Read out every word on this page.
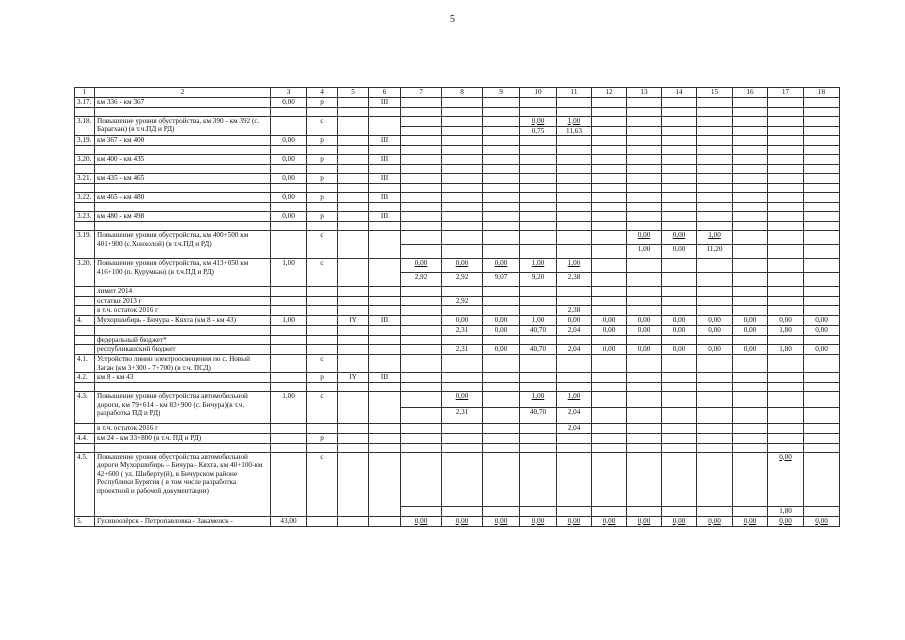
5
1	2	3	4	5	6	7	8	9	10	11	12	13	14	15	16	17	18
3.17.	км 336 - км 367	0,00	р		III												

3.18.	Повышение уровня обустройства, км 390 - км 392 (с. Барагхан) (в т.ч.ПД и РД)		с						0,00	1,00							
									0,75	11,63							
3.19.	км 367 - км 400	0,00	р		III												

3.20.	км 400 - км 435	0,00	р		III												

3.21.	км 435 - км 465	0,00	р		III												

3.22.	км 465 - км 480	0,00	р		III												

3.23.	км 480 - км 498	0,00	р		III												

3.19.	Повышение уровня обустройства, км 400+500 км 401+900 (с.Хонхолой) (в т.ч.ПД и РД)		с									0,00	0,00	1,00			
												1,00	0,00	11,20			
3.20.	Повышение уровня обустройства, км 413+050 км 416+100 (п. Курумкан) (в т.ч.ПД и РД)	1,00	с			0,00	0,00	0,00	1,00	1,00							
						2,92	2,92	9,07	9,20	2,38							
	лимит 2014																
	остатки 2013 г						2,92										
	в т.ч. остаток 2016 г									2,38							
4.	Мухоршибирь - Бичура - Кяхта (км 8 - км 43)	1,00		IY	III		0,00	0,00	1,00	0,00	0,00	0,00	0,00	0,00	0,00	0,00	0,00
							2,31	0,00	40,70	2,04	0,00	0,00	0,00	0,00	0,00	1,80	0,00
	федеральный бюджет*																
	республиканский бюджет						2,31	0,00	40,70	2,04	0,00	0,00	0,00	0,00	0,00	1,80	0,00
4.1.	Устройство линии электроосвещения по с. Новый Заган (км 3+300 - 7+700) (в т.ч. ПСД)		с														
4.2.	км 8 - км 43		р	IY	III												

4.3.	Повышение уровня обустройства автомобильной дороги, км 79+614 - км 83+900 (с. Бичура)(в т.ч. разработка ПД и РД)	1,00	с				0,00		1,00	1,00							
							2,31		40,70	2,04							
	в т.ч. остаток 2016 г									2,04							
4.4.	км 24 - км 33+800 (в т.ч. ПД и РД)		р														

4.5.	Повышение уровня обустройства автомобильной дороги Мухоршибирь – Бичура– Кяхта, км 40+100-км 42+600 ( ул. Шиберту(й), в Бичурском районе Республики Бурятия ( в том числе разработка проектной и рабочей документации)		с													0,00	
																1,80	
5.	Гусиноозёрск - Петропавловка - Закаменск -	43,00				0,00	0,00	0,00	0,00	0,00	0,00	0,00	0,00	0,00	0,00	0,00	0,00
